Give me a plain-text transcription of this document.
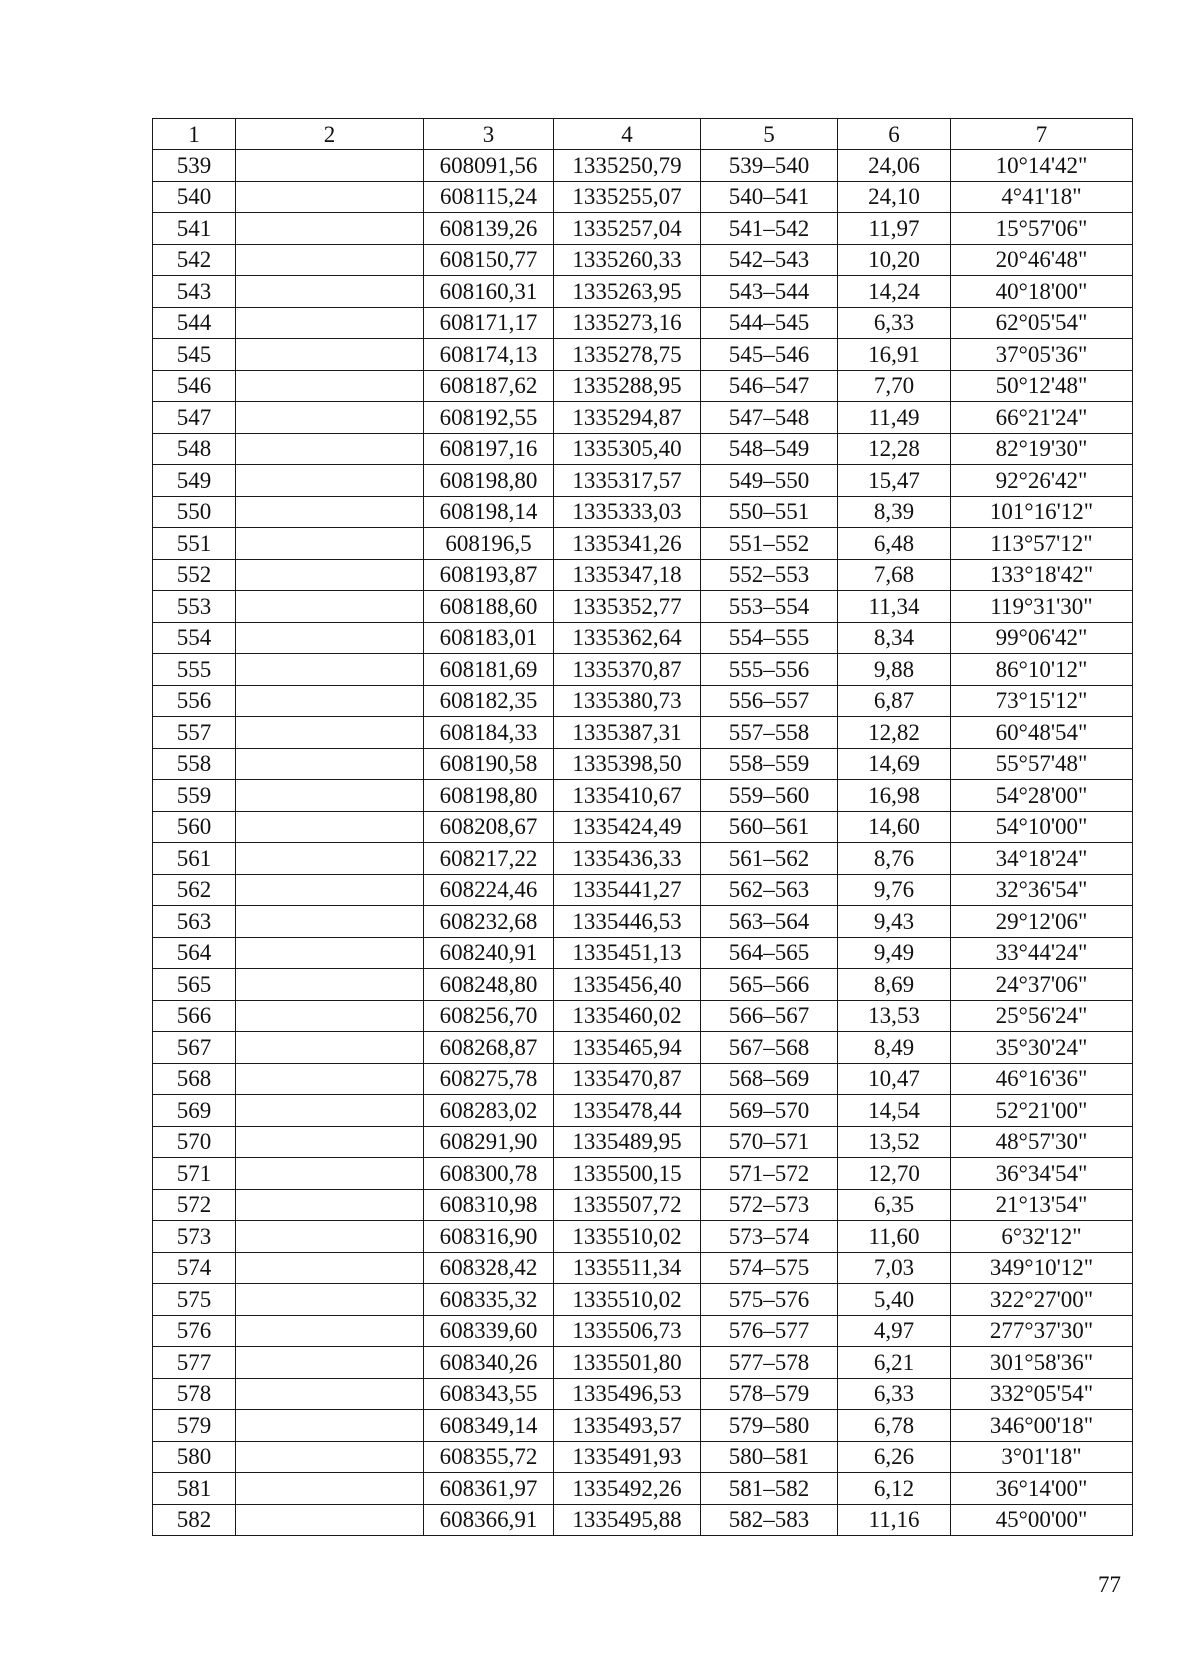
1	2	3	4	5	6	7
539		608091,56	1335250,79	539–540	24,06	10°14'42"
540		608115,24	1335255,07	540–541	24,10	4°41'18"
541		608139,26	1335257,04	541–542	11,97	15°57'06"
542		608150,77	1335260,33	542–543	10,20	20°46'48"
543		608160,31	1335263,95	543–544	14,24	40°18'00"
544		608171,17	1335273,16	544–545	6,33	62°05'54"
545		608174,13	1335278,75	545–546	16,91	37°05'36"
546		608187,62	1335288,95	546–547	7,70	50°12'48"
547		608192,55	1335294,87	547–548	11,49	66°21'24"
548		608197,16	1335305,40	548–549	12,28	82°19'30"
549		608198,80	1335317,57	549–550	15,47	92°26'42"
550		608198,14	1335333,03	550–551	8,39	101°16'12"
551		608196,5	1335341,26	551–552	6,48	113°57'12"
552		608193,87	1335347,18	552–553	7,68	133°18'42"
553		608188,60	1335352,77	553–554	11,34	119°31'30"
554		608183,01	1335362,64	554–555	8,34	99°06'42"
555		608181,69	1335370,87	555–556	9,88	86°10'12"
556		608182,35	1335380,73	556–557	6,87	73°15'12"
557		608184,33	1335387,31	557–558	12,82	60°48'54"
558		608190,58	1335398,50	558–559	14,69	55°57'48"
559		608198,80	1335410,67	559–560	16,98	54°28'00"
560		608208,67	1335424,49	560–561	14,60	54°10'00"
561		608217,22	1335436,33	561–562	8,76	34°18'24"
562		608224,46	1335441,27	562–563	9,76	32°36'54"
563		608232,68	1335446,53	563–564	9,43	29°12'06"
564		608240,91	1335451,13	564–565	9,49	33°44'24"
565		608248,80	1335456,40	565–566	8,69	24°37'06"
566		608256,70	1335460,02	566–567	13,53	25°56'24"
567		608268,87	1335465,94	567–568	8,49	35°30'24"
568		608275,78	1335470,87	568–569	10,47	46°16'36"
569		608283,02	1335478,44	569–570	14,54	52°21'00"
570		608291,90	1335489,95	570–571	13,52	48°57'30"
571		608300,78	1335500,15	571–572	12,70	36°34'54"
572		608310,98	1335507,72	572–573	6,35	21°13'54"
573		608316,90	1335510,02	573–574	11,60	6°32'12"
574		608328,42	1335511,34	574–575	7,03	349°10'12"
575		608335,32	1335510,02	575–576	5,40	322°27'00"
576		608339,60	1335506,73	576–577	4,97	277°37'30"
577		608340,26	1335501,80	577–578	6,21	301°58'36"
578		608343,55	1335496,53	578–579	6,33	332°05'54"
579		608349,14	1335493,57	579–580	6,78	346°00'18"
580		608355,72	1335491,93	580–581	6,26	3°01'18"
581		608361,97	1335492,26	581–582	6,12	36°14'00"
582		608366,91	1335495,88	582–583	11,16	45°00'00"
77
